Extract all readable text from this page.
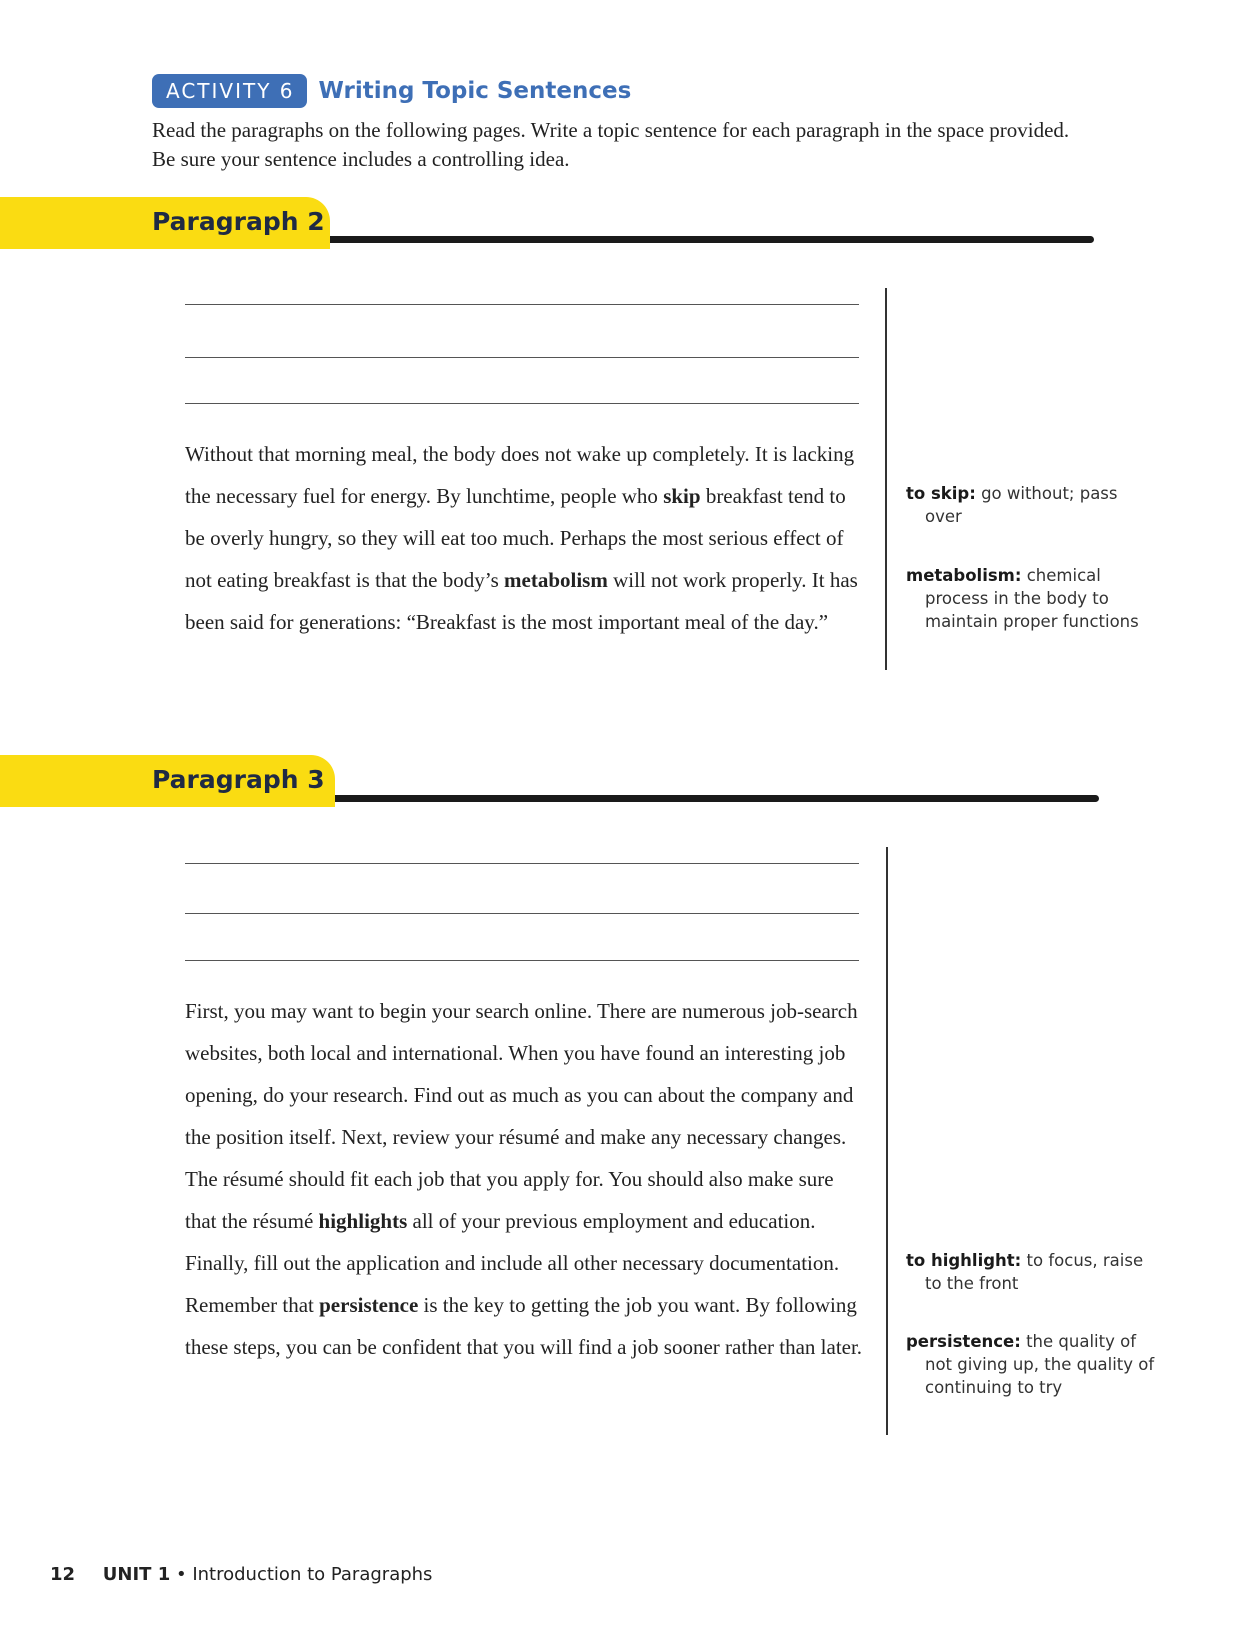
ACTIVITY 6	Writing Topic Sentences

Read the paragraphs on the following pages. Write a topic sentence for each paragraph in the space provided. Be sure your sentence includes a controlling idea.

Paragraph 2

Without that morning meal, the body does not wake up completely. It is lacking the necessary fuel for energy. By lunchtime, people who skip breakfast tend to be overly hungry, so they will eat too much. Perhaps the most serious effect of not eating breakfast is that the body’s metabolism will not work properly. It has been said for generations: “Breakfast is the most important meal of the day.”

to skip: go without; pass over

metabolism: chemical process in the body to maintain proper functions

Paragraph 3

First, you may want to begin your search online. There are numerous job-search websites, both local and international. When you have found an interesting job opening, do your research. Find out as much as you can about the company and the position itself. Next, review your résumé and make any necessary changes. The résumé should fit each job that you apply for. You should also make sure that the résumé highlights all of your previous employment and education. Finally, fill out the application and include all other necessary documentation. Remember that persistence is the key to getting the job you want. By following these steps, you can be confident that you will find a job sooner rather than later.

to highlight: to focus, raise to the front

persistence: the quality of not giving up, the quality of continuing to try

12 UNIT 1 • Introduction to Paragraphs
